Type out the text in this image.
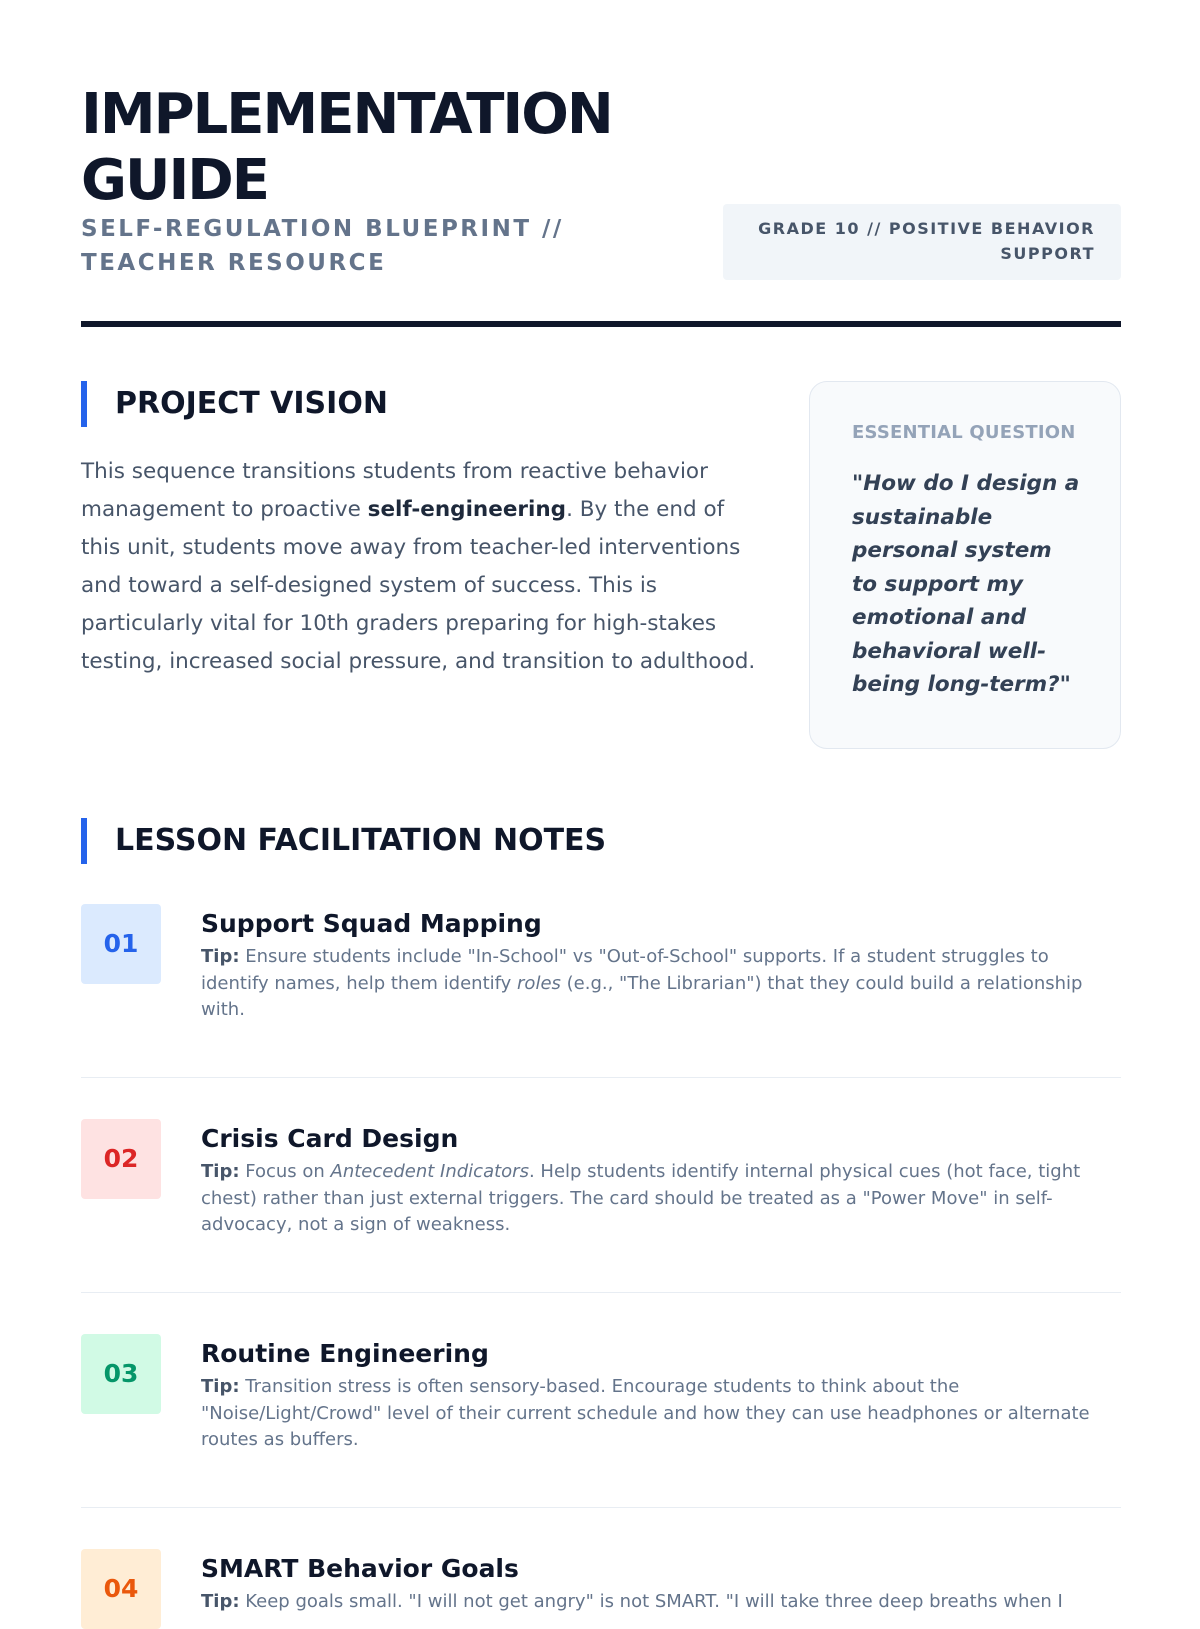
IMPLEMENTATION GUIDE
SELF-REGULATION BLUEPRINT // TEACHER RESOURCE
GRADE 10 // POSITIVE BEHAVIOR SUPPORT
PROJECT VISION

This sequence transitions students from reactive behavior management to proactive self-engineering. By the end of this unit, students move away from teacher-led interventions and toward a self-designed system of success. This is particularly vital for 10th graders preparing for high-stakes testing, increased social pressure, and transition to adulthood.

ESSENTIAL QUESTION
"How do I design a sustainable personal system to support my emotional and behavioral well-being long-term?"
LESSON FACILITATION NOTES
01
Support Squad Mapping
Tip: Ensure students include "In-School" vs "Out-of-School" supports. If a student struggles to identify names, help them identify roles (e.g., "The Librarian") that they could build a relationship with.
02
Crisis Card Design
Tip: Focus on Antecedent Indicators. Help students identify internal physical cues (hot face, tight chest) rather than just external triggers. The card should be treated as a "Power Move" in self-advocacy, not a sign of weakness.
03
Routine Engineering
Tip: Transition stress is often sensory-based. Encourage students to think about the "Noise/Light/Crowd" level of their current schedule and how they can use headphones or alternate routes as buffers.
04
SMART Behavior Goals
Tip: Keep goals small. "I will not get angry" is not SMART. "I will take three deep breaths when I
